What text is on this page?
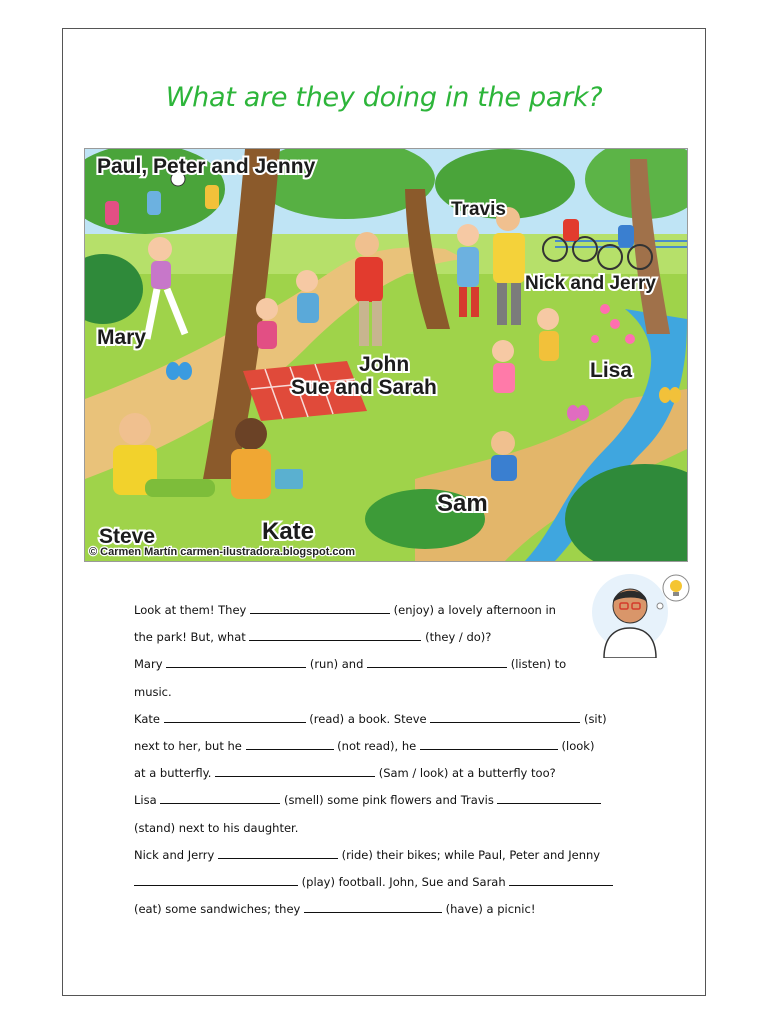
What are they doing in the park?
Paul, Peter and Jenny
Travis
Nick and Jerry
Mary
John
Sue and Sarah
Lisa
Sam
Steve	Kate
© Carmen Martín carmen-ilustradora.blogspot.com
Look at them! They	(enjoy) a lovely afternoon in
the park! But, what	(they / do)?
Mary	(run) and	(listen) to
music.
Kate	(read) a book. Steve	(sit)
next to her, but he	(not read), he	(look)
at a butterfly.	(Sam / look) at a butterfly too?
Lisa	(smell) some pink flowers and Travis
(stand) next to his daughter.
Nick and Jerry	(ride) their bikes; while Paul, Peter and Jenny
(play) football. John, Sue and Sarah
(eat) some sandwiches; they	(have) a picnic!
